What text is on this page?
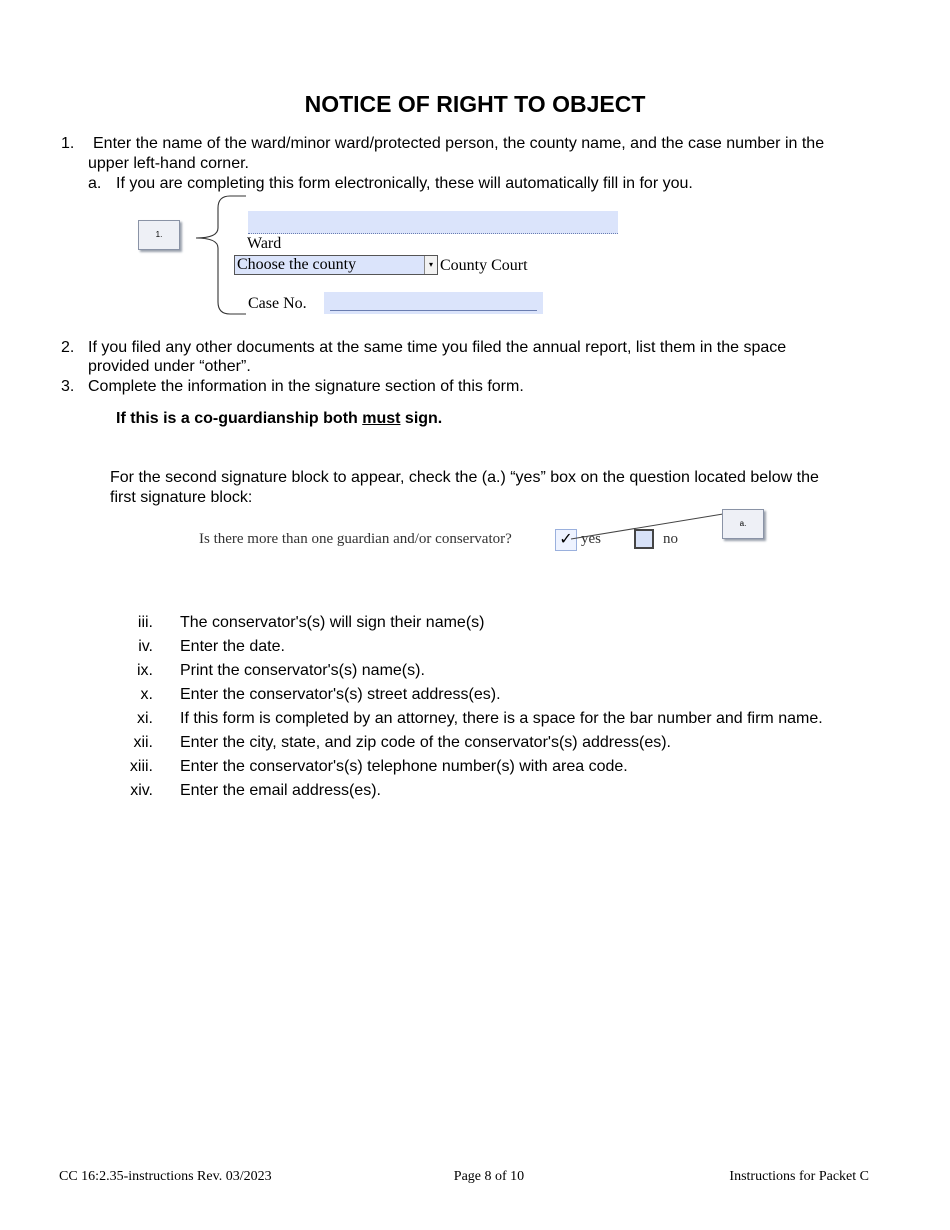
NOTICE OF RIGHT TO OBJECT
1. Enter the name of the ward/minor ward/protected person, the county name, and the case number in the
upper left-hand corner.
a. If you are completing this form electronically, these will automatically fill in for you.
1.
Ward
Choose the county	▾ County Court
Case No.
2. If you filed any other documents at the same time you filed the annual report, list them in the space
provided under “other”.
3. Complete the information in the signature section of this form.
If this is a co-guardianship both must sign.
For the second signature block to appear, check the (a.) “yes” box on the question located below the
first signature block:
Is there more than one guardian and/or conservator?	✓ yes	no
a.
iii. The conservator's(s) will sign their name(s)
iv. Enter the date.
ix. Print the conservator's(s) name(s).
x. Enter the conservator's(s) street address(es).
xi. If this form is completed by an attorney, there is a space for the bar number and firm name.
xii. Enter the city, state, and zip code of the conservator's(s) address(es).
xiii. Enter the conservator's(s) telephone number(s) with area code.
xiv. Enter the email address(es).
CC 16:2.35-instructions Rev. 03/2023	Page 8 of 10	Instructions for Packet C
